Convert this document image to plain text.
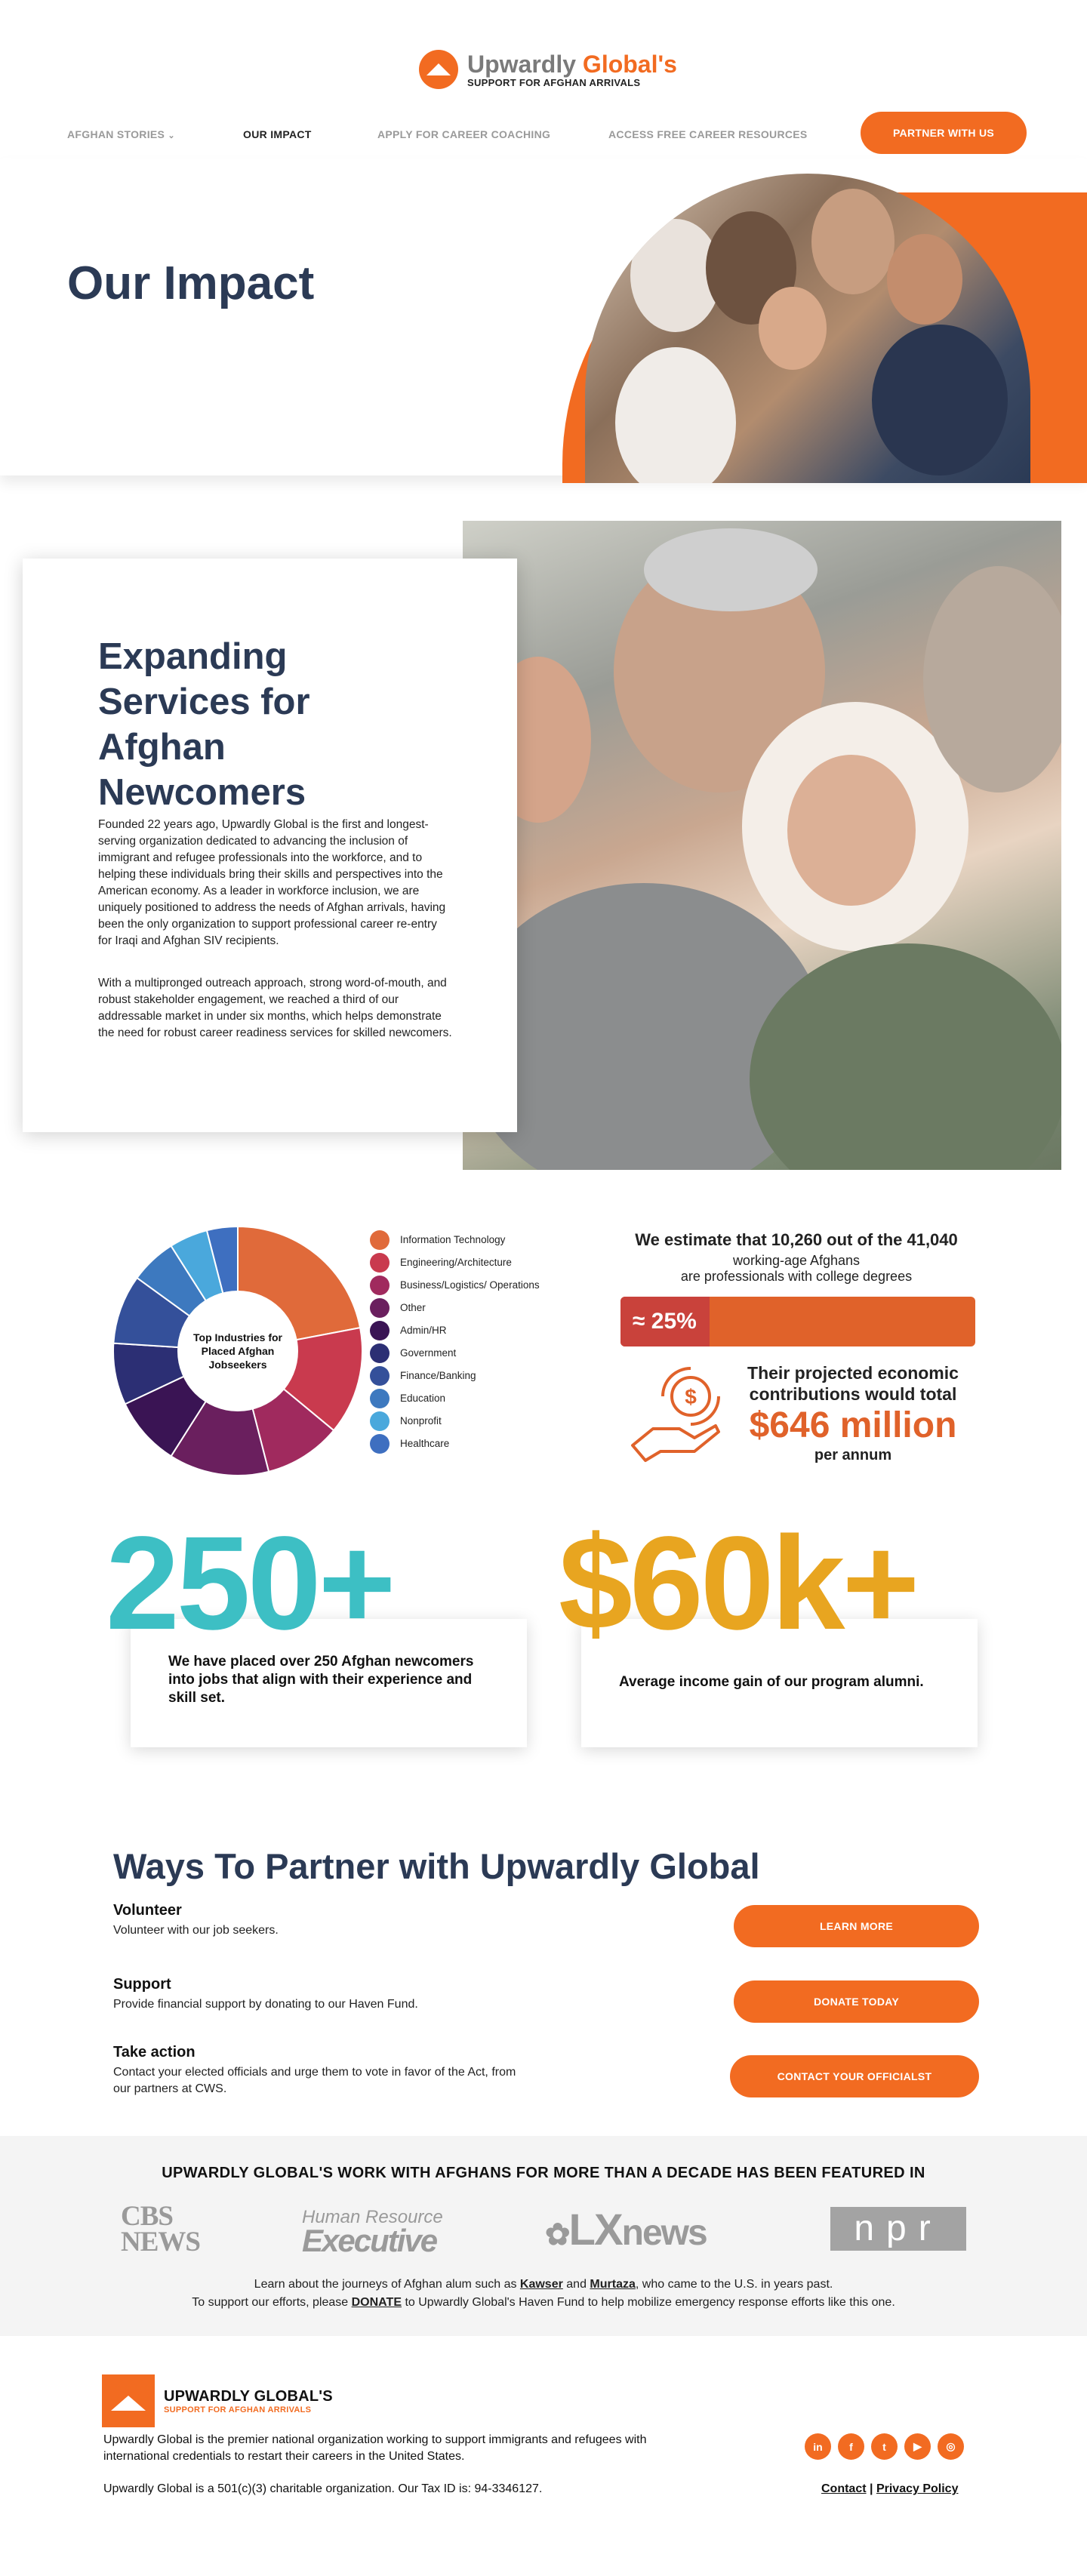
Upwardly Global's
SUPPORT FOR AFGHAN ARRIVALS
AFGHAN STORIES ⌄	OUR IMPACT	APPLY FOR CAREER COACHING	ACCESS FREE CAREER RESOURCES	PARTNER WITH US
Our Impact
Expanding Services for Afghan Newcomers

Founded 22 years ago, Upwardly Global is the first and longest-serving organization dedicated to advancing the inclusion of immigrant and refugee professionals into the workforce, and to helping these individuals bring their skills and perspectives into the American economy. As a leader in workforce inclusion, we are uniquely positioned to address the needs of Afghan arrivals, having been the only organization to support professional career re-entry for Iraqi and Afghan SIV recipients.

With a multipronged outreach approach, strong word-of-mouth, and robust stakeholder engagement, we reached a third of our addressable market in under six months, which helps demonstrate the need for robust career readiness services for skilled newcomers.

Top Industries for Placed Afghan Jobseekers
Information Technology
Engineering/Architecture
Business/Logistics/ Operations
Other
Admin/HR
Government
Finance/Banking
Education
Nonprofit
Healthcare
We estimate that 10,260 out of the 41,040
working-age Afghans
are professionals with college degrees
≈ 25%
$
Their projected economic contributions would total
$646 million
per annum
We have placed over 250 Afghan newcomers into jobs that align with their experience and skill set.
Average income gain of our program alumni.
250+ $60k+
Ways To Partner with Upwardly Global
Volunteer
Volunteer with our job seekers.	LEARN MORE
Support
Provide financial support by donating to our Haven Fund.	DONATE TODAY
Take action
Contact your elected officials and urge them to vote in favor of the Act, from our partners at CWS.
CONTACT YOUR OFFICIALST
UPWARDLY GLOBAL'S WORK WITH AFGHANS FOR MORE THAN A DECADE HAS BEEN FEATURED IN
CBS
NEWS
Human Resource
Executive	✿LXnews	npr
Learn about the journeys of Afghan alum such as Kawser and Murtaza, who came to the U.S. in years past.
To support our efforts, please DONATE to Upwardly Global's Haven Fund to help mobilize emergency response efforts like this one.
UPWARDLY GLOBAL'S
SUPPORT FOR AFGHAN ARRIVALS
Upwardly Global is the premier national organization working to support immigrants and refugees with international credentials to restart their careers in the United States.
Upwardly Global is a 501(c)(3) charitable organization. Our Tax ID is: 94-3346127.
in	f	t	▶	◎
Contact | Privacy Policy
